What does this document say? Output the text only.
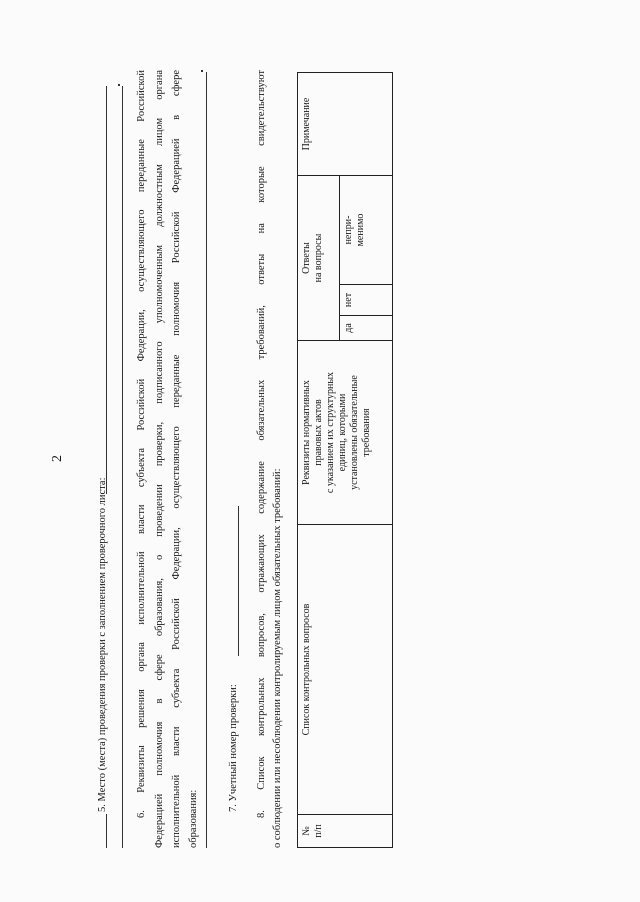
2
5. Место (места) проведения проверки с заполнением проверочного листа:	6. Реквизиты решения органа исполнительной власти субъекта Российской Федерации, осуществляющего переданные Российской Федерацией полномочия в сфере образования, о проведении проверки, подписанного уполномоченным должностным лицом органа исполнительной власти субъекта Российской Федерации, осуществляющего переданные полномочия Российской Федерацией в сфере образования:
7. Учетный номер проверки: 8. Список контрольных вопросов, отражающих содержание обязательных требований, ответы на которые свидетельствуют о соблюдении или несоблюдении контролируемым лицом обязательных требований: № п/п
Список контрольных вопросов
Реквизиты нормативных правовых актов с указанием их структурных единиц, которыми установлены обязательные требования
Ответы на вопросы
да
нет
непри- менимо
Примечание
